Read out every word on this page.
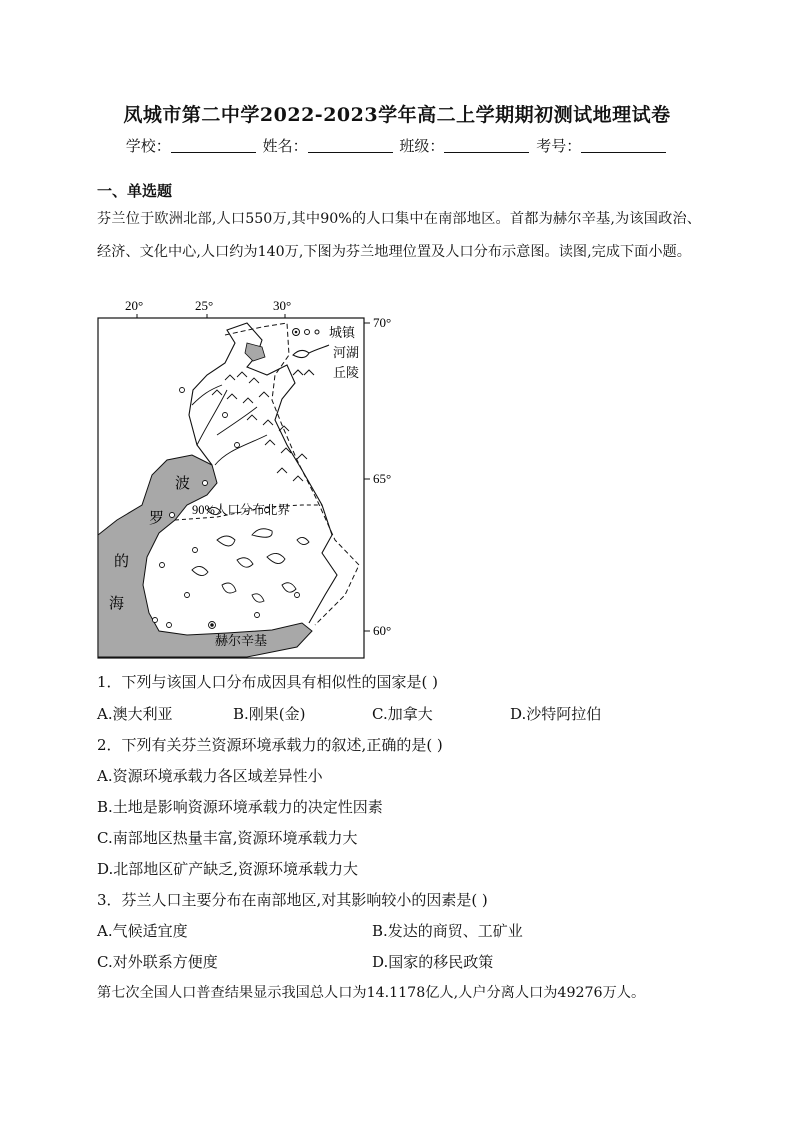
凤城市第二中学2022-2023学年高二上学期期初测试地理试卷
学校：	姓名：	班级：	考号：
一、单选题
芬兰位于欧洲北部,人口550万,其中90%的人口集中在南部地区。首都为赫尔辛基,为该国政治、经济、文化中心,人口约为140万,下图为芬兰地理位置及人口分布示意图。读图,完成下面小题。
20°	25°	30°
70°
65°
60°
90%人口分布北界
波
罗
的
海
赫尔辛基
城镇
河湖
丘陵
1．下列与该国人口分布成因具有相似性的国家是( )
A.澳大利亚	B.刚果(金)	C.加拿大	D.沙特阿拉伯
2．下列有关芬兰资源环境承载力的叙述,正确的是( )
A.资源环境承载力各区域差异性小
B.土地是影响资源环境承载力的决定性因素
C.南部地区热量丰富,资源环境承载力大
D.北部地区矿产缺乏,资源环境承载力大
3．芬兰人口主要分布在南部地区,对其影响较小的因素是( )
A.气候适宜度	B.发达的商贸、工矿业
C.对外联系方便度	D.国家的移民政策
第七次全国人口普查结果显示我国总人口为14.1178亿人,人户分离人口为49276万人。
